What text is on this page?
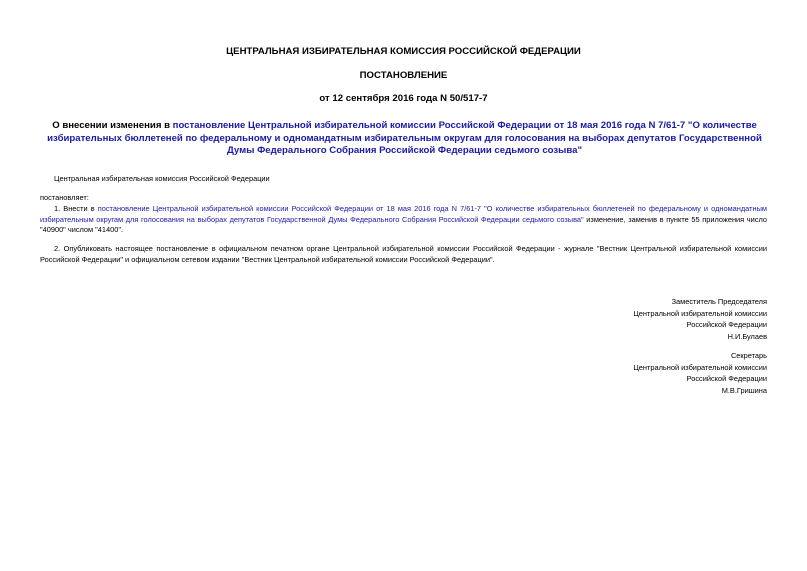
ЦЕНТРАЛЬНАЯ ИЗБИРАТЕЛЬНАЯ КОМИССИЯ РОССИЙСКОЙ ФЕДЕРАЦИИ
ПОСТАНОВЛЕНИЕ
от 12 сентября 2016 года N 50/517-7
О внесении изменения в постановление Центральной избирательной комиссии Российской Федерации от 18 мая 2016 года N 7/61-7 "О количестве избирательных бюллетеней по федеральному и одномандатным избирательным округам для голосования на выборах депутатов Государственной Думы Федерального Собрания Российской Федерации седьмого созыва"
Центральная избирательная комиссия Российской Федерации
постановляет:
1. Внести в постановление Центральной избирательной комиссии Российской Федерации от 18 мая 2016 года N 7/61-7 "О количестве избирательных бюллетеней по федеральному и одномандатным избирательным округам для голосования на выборах депутатов Государственной Думы Федерального Собрания Российской Федерации седьмого созыва" изменение, заменив в пункте 55 приложения число "40900" числом "41400".
2. Опубликовать настоящее постановление в официальном печатном органе Центральной избирательной комиссии Российской Федерации - журнале "Вестник Центральной избирательной комиссии Российской Федерации" и официальном сетевом издании "Вестник Центральной избирательной комиссии Российской Федерации".
Заместитель Председателя
Центральной избирательной комиссии
Российской Федерации
Н.И.Булаев
Секретарь
Центральной избирательной комиссии
Российской Федерации
М.В.Гришина
